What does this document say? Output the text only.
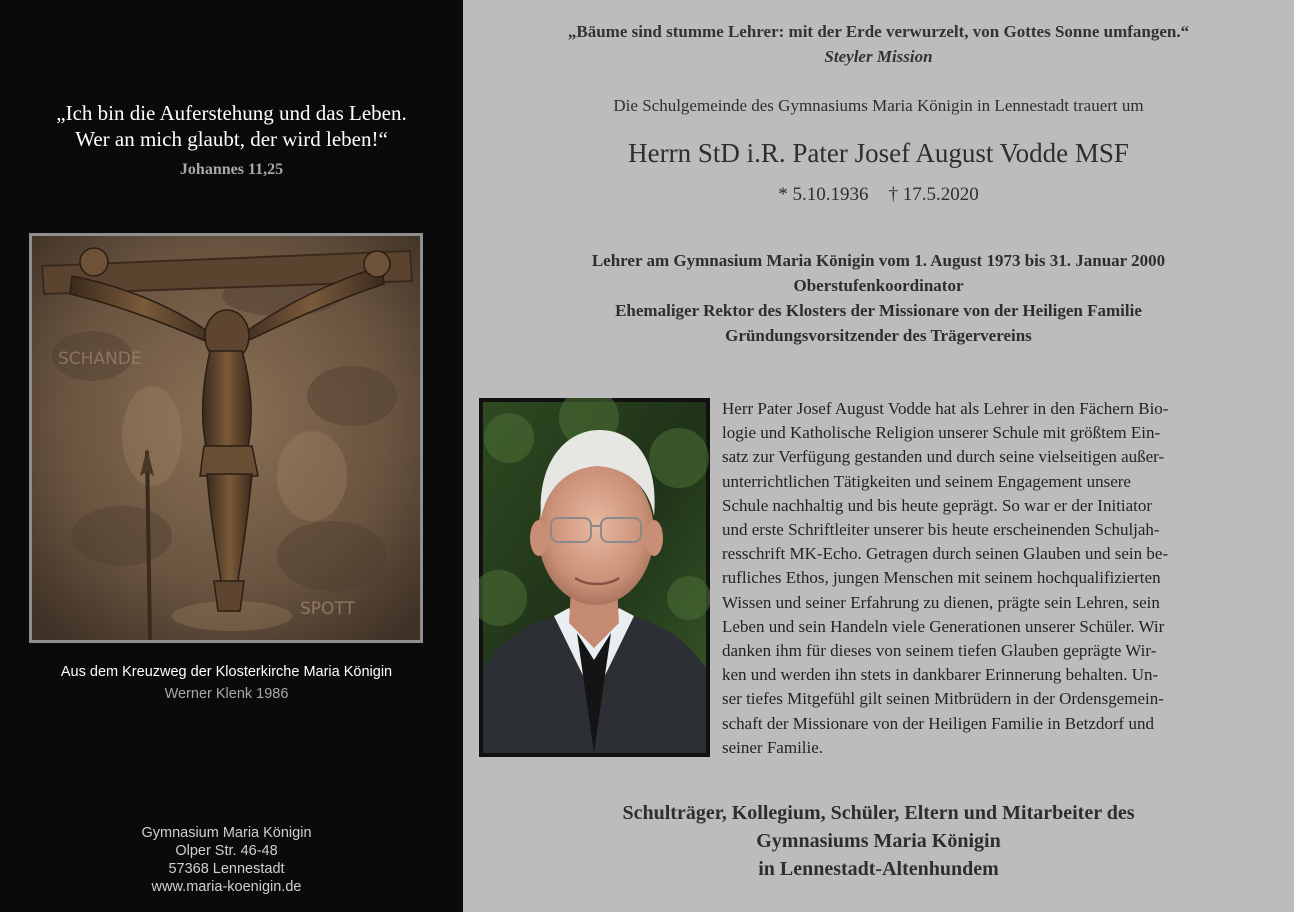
„Ich bin die Auferstehung und das Leben.
Wer an mich glaubt, der wird leben!“
Johannes 11,25
SCHANDE
SPOTT
Aus dem Kreuzweg der Klosterkirche Maria Königin
Werner Klenk 1986
Gymnasium Maria Königin
Olper Str. 46-48
57368 Lennestadt
www.maria-koenigin.de
„Bäume sind stumme Lehrer: mit der Erde verwurzelt, von Gottes Sonne umfangen.“
Steyler Mission
Die Schulgemeinde des Gymnasiums Maria Königin in Lennestadt trauert um
Herrn StD i.R. Pater Josef August Vodde MSF
* 5.10.1936 † 17.5.2020
Lehrer am Gymnasium Maria Königin vom 1. August 1973 bis 31. Januar 2000
Oberstufenkoordinator
Ehemaliger Rektor des Klosters der Missionare von der Heiligen Familie
Gründungsvorsitzender des Trägervereins
Herr Pater Josef August Vodde hat als Lehrer in den Fächern Bio-
logie und Katholische Religion unserer Schule mit größtem Ein-
satz zur Verfügung gestanden und durch seine vielseitigen außer-
unterrichtlichen Tätigkeiten und seinem Engagement unsere
Schule nachhaltig und bis heute geprägt. So war er der Initiator
und erste Schriftleiter unserer bis heute erscheinenden Schuljah-
resschrift MK-Echo. Getragen durch seinen Glauben und sein be-
rufliches Ethos, jungen Menschen mit seinem hochqualifizierten
Wissen und seiner Erfahrung zu dienen, prägte sein Lehren, sein
Leben und sein Handeln viele Generationen unserer Schüler. Wir
danken ihm für dieses von seinem tiefen Glauben geprägte Wir-
ken und werden ihn stets in dankbarer Erinnerung behalten. Un-
ser tiefes Mitgefühl gilt seinen Mitbrüdern in der Ordensgemein-
schaft der Missionare von der Heiligen Familie in Betzdorf und
seiner Familie.
Schulträger, Kollegium, Schüler, Eltern und Mitarbeiter des
Gymnasiums Maria Königin
in Lennestadt-Altenhundem
